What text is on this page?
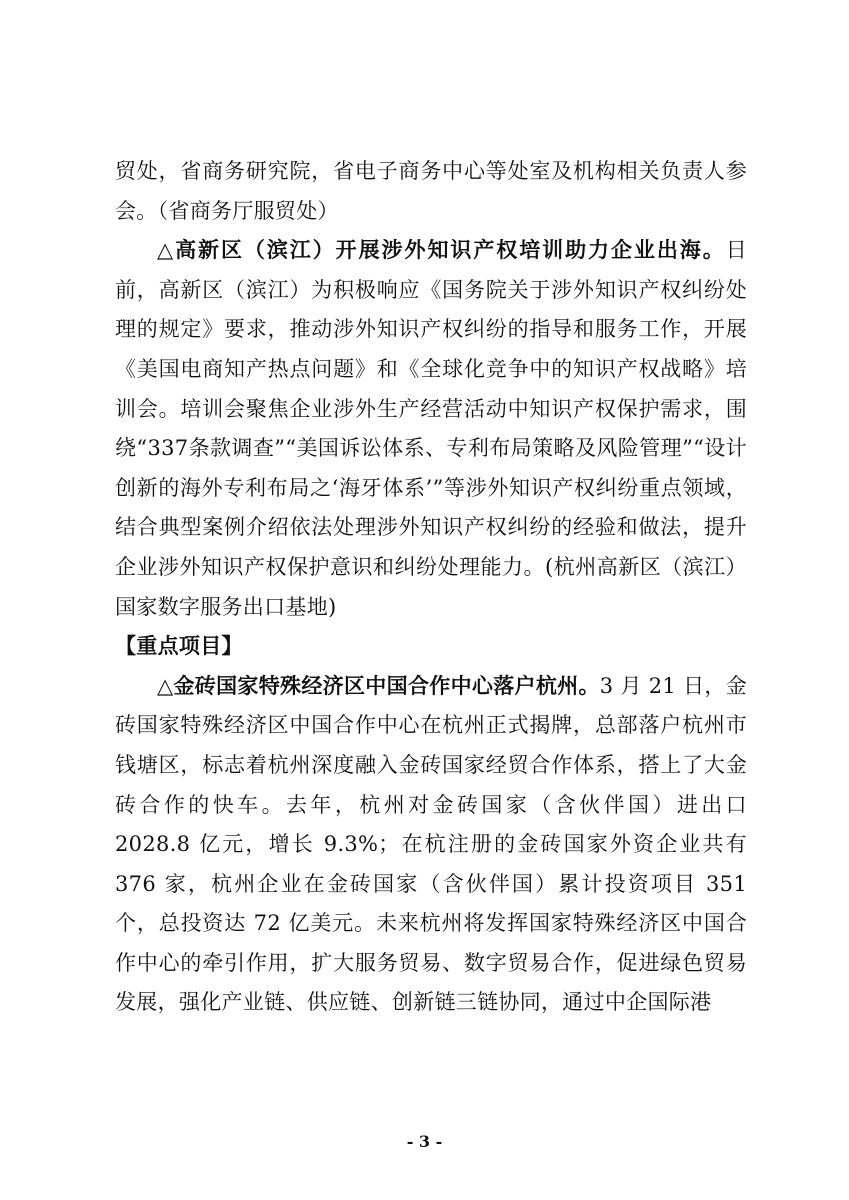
贸处，省商务研究院，省电子商务中心等处室及机构相关负责人参会。（省商务厅服贸处）

△高新区（滨江）开展涉外知识产权培训助力企业出海。日前，高新区（滨江）为积极响应《国务院关于涉外知识产权纠纷处理的规定》要求，推动涉外知识产权纠纷的指导和服务工作，开展《美国电商知产热点问题》和《全球化竞争中的知识产权战略》培训会。培训会聚焦企业涉外生产经营活动中知识产权保护需求，围绕“337条款调查”“美国诉讼体系、专利布局策略及风险管理”“设计创新的海外专利布局之‘海牙体系’”等涉外知识产权纠纷重点领域，结合典型案例介绍依法处理涉外知识产权纠纷的经验和做法，提升企业涉外知识产权保护意识和纠纷处理能力。(杭州高新区（滨江）国家数字服务出口基地)

【重点项目】

△金砖国家特殊经济区中国合作中心落户杭州。3 月 21 日，金砖国家特殊经济区中国合作中心在杭州正式揭牌，总部落户杭州市钱塘区，标志着杭州深度融入金砖国家经贸合作体系，搭上了大金砖合作的快车。去年，杭州对金砖国家（含伙伴国）进出口 2028.8 亿元，增长 9.3%；在杭注册的金砖国家外资企业共有 376 家，杭州企业在金砖国家（含伙伴国）累计投资项目 351 个，总投资达 72 亿美元。未来杭州将发挥国家特殊经济区中国合作中心的牵引作用，扩大服务贸易、数字贸易合作，促进绿色贸易发展，强化产业链、供应链、创新链三链协同，通过中企国际港

- 3 -
